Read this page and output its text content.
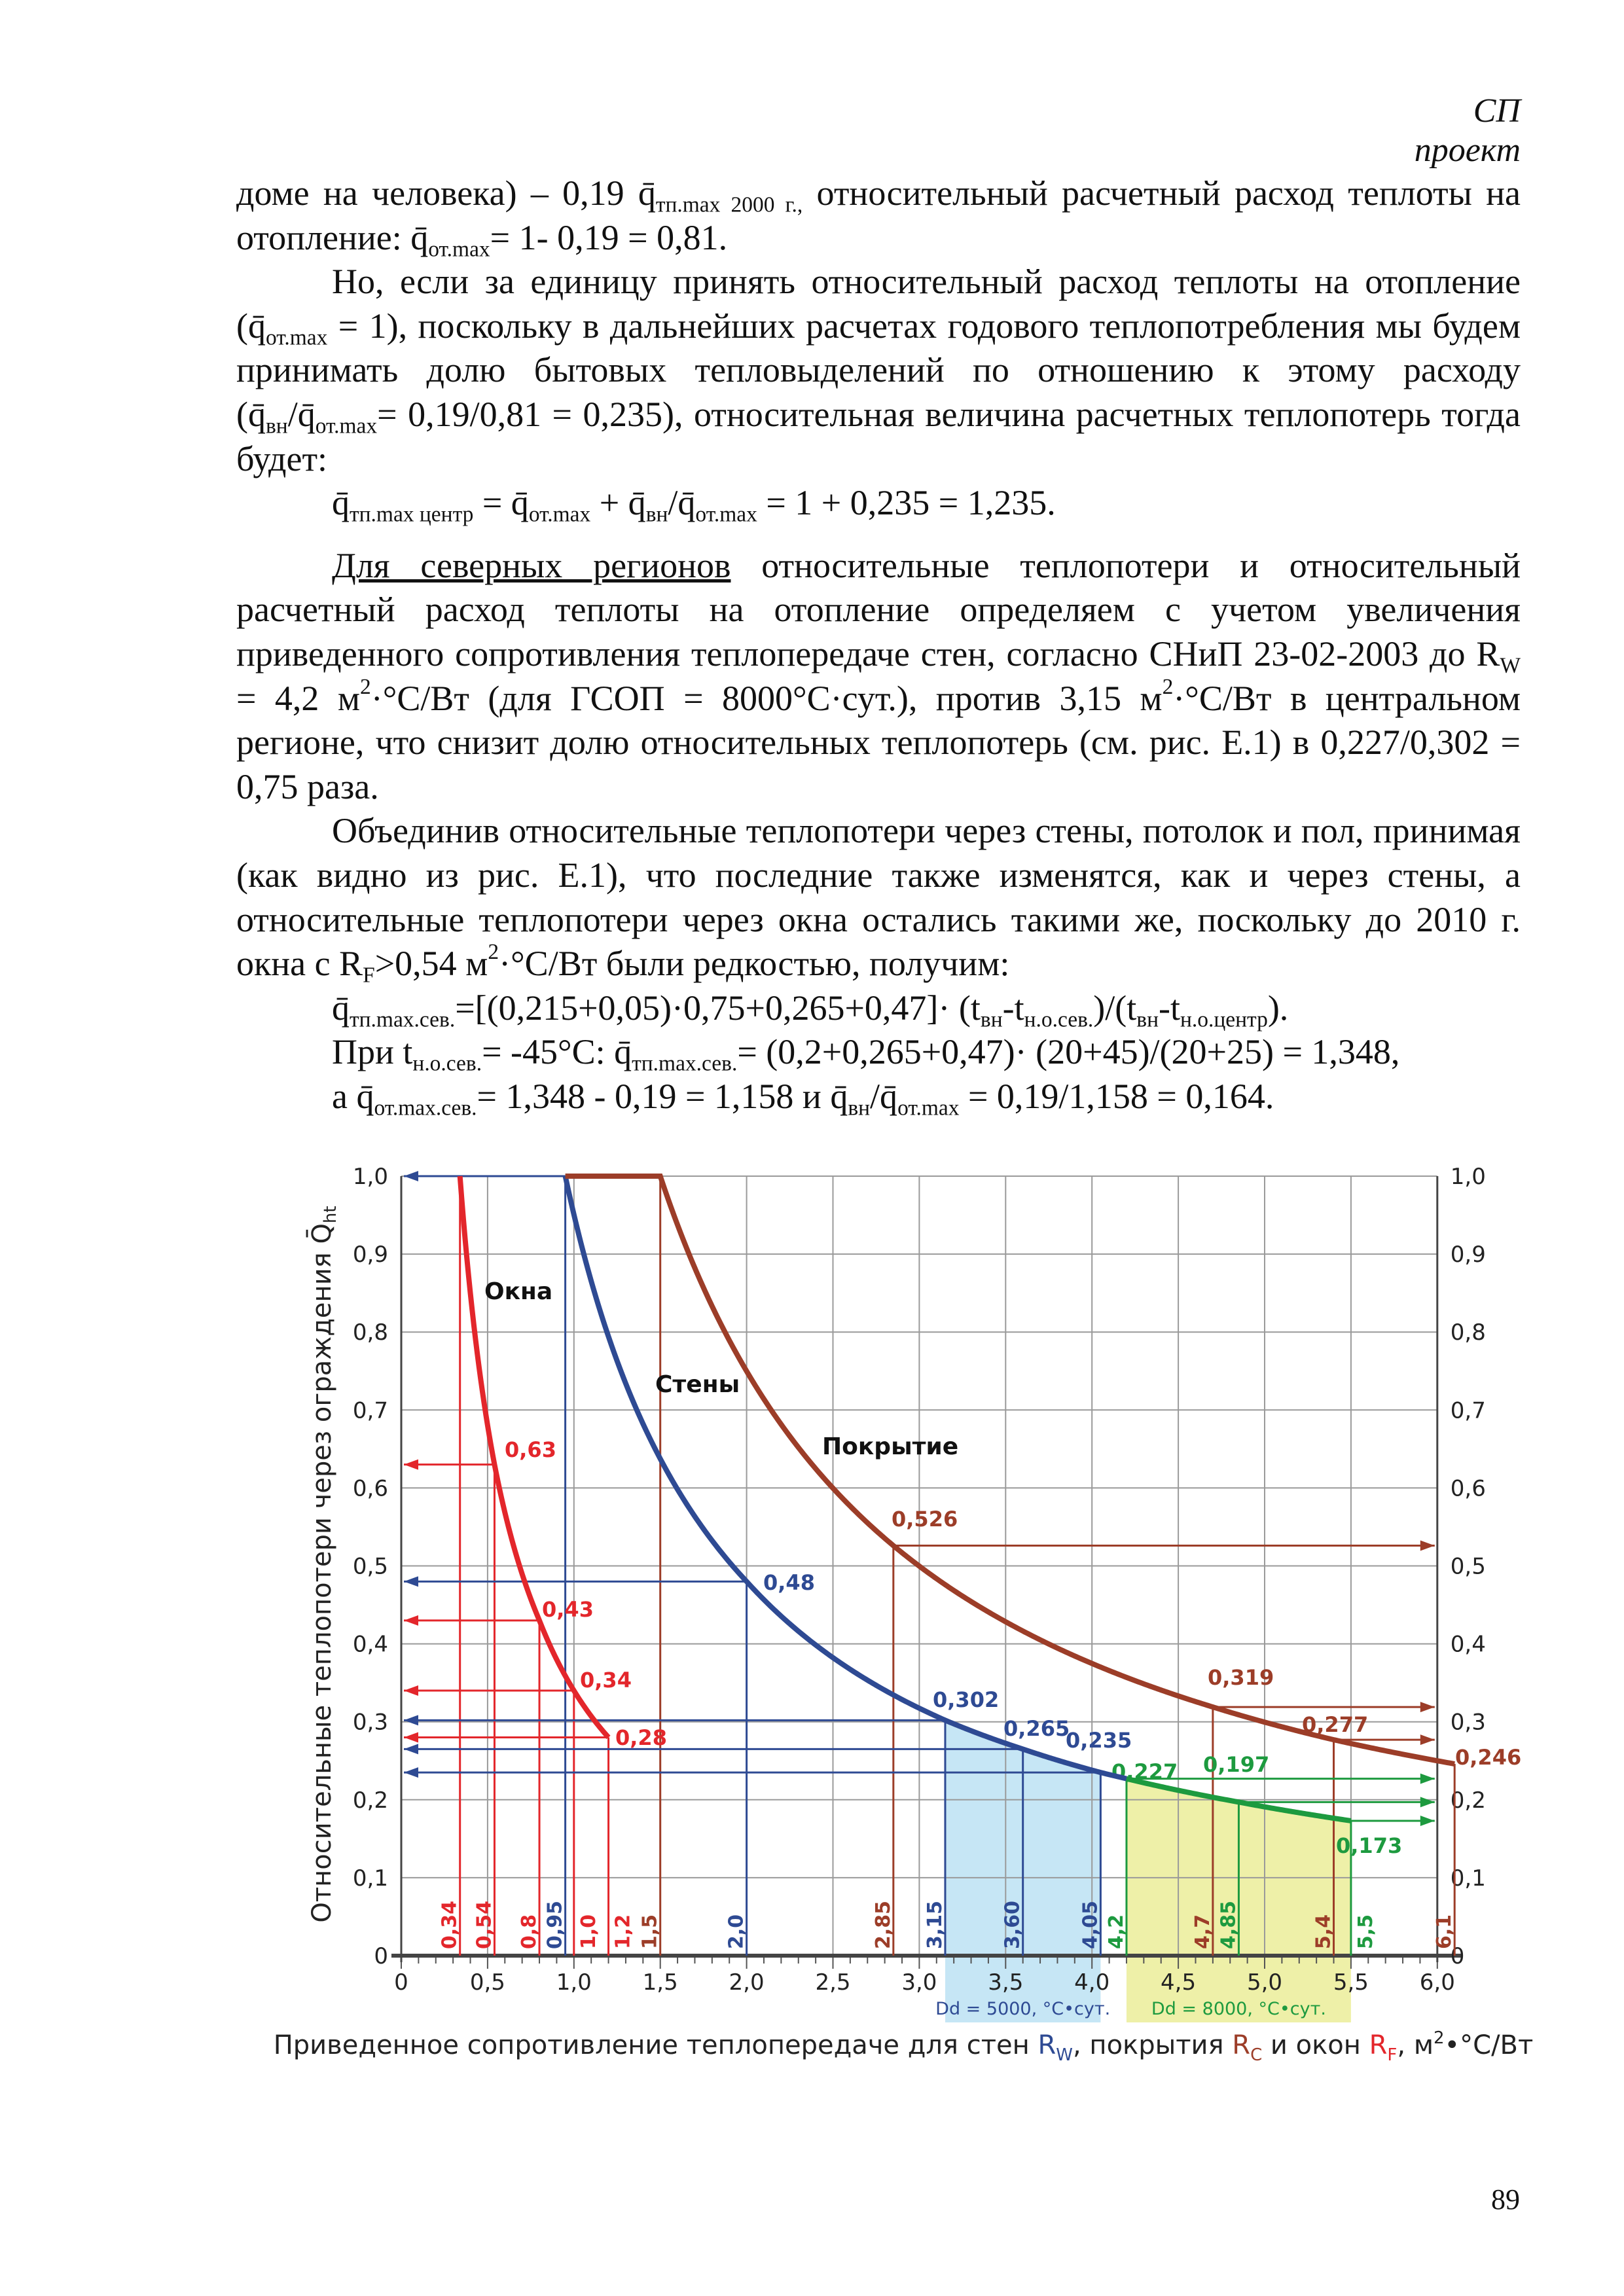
СП
проект
доме на человека) – 0,19 $q̄_{тп.max 2000 г.,}$ относительный расчетный расход теплоты на отопление: $q̄_{от.max}= 1-$ 0,19 = 0,81.
Но, если за единицу принять относительный расход теплоты на отопление $(q̄_{от.max} = 1)$, поскольку в дальнейших расчетах годового теплопотребления мы будем принимать долю бытовых тепловыделений по отношению к этому расходу $(q̄_{вн}/q̄_{от.max}= 0,19/0,81 = 0,235)$, относительная величина расчетных теплопотерь тогда будет:
$q̄_{тп.max центр}$ = $q̄_{от.max}$ + $q̄_{вн}/q̄_{от.max} = 1 + 0,235 = 1,235$.
Для северных регионов относительные теплопотери и относительный расчетный расход теплоты на отопление определяем с учетом увеличения приведенного сопротивления теплопередаче стен, согласно СНиП 23-02-2003 до $R_W = 4,2$ $м^2\cdot^\circ С/Вт$ (для ГСОП = 8000°С·сут.), против 3,15 $м^2\cdot^\circ С/Вт$ в центральном регионе, что снизит долю относительных теплопотерь (см. рис. Е.1) в 0,227/0,302 = 0,75 раза.
Объединив относительные теплопотери через стены, потолок и пол, принимая (как видно из рис. Е.1), что последние также изменятся, как и через стены, а относительные теплопотери через окна остались такими же, поскольку до 2010 г. окна с $R_F>0,54$ $м^2\cdot^\circ С/Вт$ были редкостью, получим:
$q̄_{тп.max.сев.}=[(0,215+0,05)\cdot 0,75+0,265+0,47]\cdot (t_{вн}-t_{н.о.сев.})/(t_{вн}-t_{н.о.центр})$.
При $t_{н.о.сев.}= -45^\circ С$: $q̄_{тп.max.сев.}= (0,2+0,265+0,47)\cdot (20+45)/(20+25) = 1,348$,
а $q̄_{от.max.сев.}= 1,348 - 0,19 = 1,158$ и $q̄_{вн}/q̄_{от.max} = 0,19/1,158 = 0,164$.
Dd = 5000, °С•сут. Dd = 8000, °С•сут.
0	0,5 1,0 1,5 2,0 2,5 3,0 3,5 4,0 4,5 5,0 5,5 6,0
0	0
0,1	0,1
0,2	0,2
0,3	0,3
0,4	0,4
0,5	0,5
0,6	0,6
0,7	0,7
0,8	0,8
0,9	0,9
1,0	1,0
0,34 0,54 0,8 0,95 1,0 1,2 1,5	2,0	2,85 3,15	3,60	4,05 4,2	4,7 4,85	5,4 5,5	6,1
0,63
0,43
0,34
0,28
0,48
0,302
0,265
0,235
0,227 0,197
0,173
0,526
0,319
0,277
0,246
Окна
Стены
Покрытие
Приведенное сопротивление теплопередаче для стен $R_W$, покрытия $R_C$ и окон $R_F$, $м^2•^\circ С/Вт$
Относительные теплопотери через ограждения $Q̄_{ht}$
89
